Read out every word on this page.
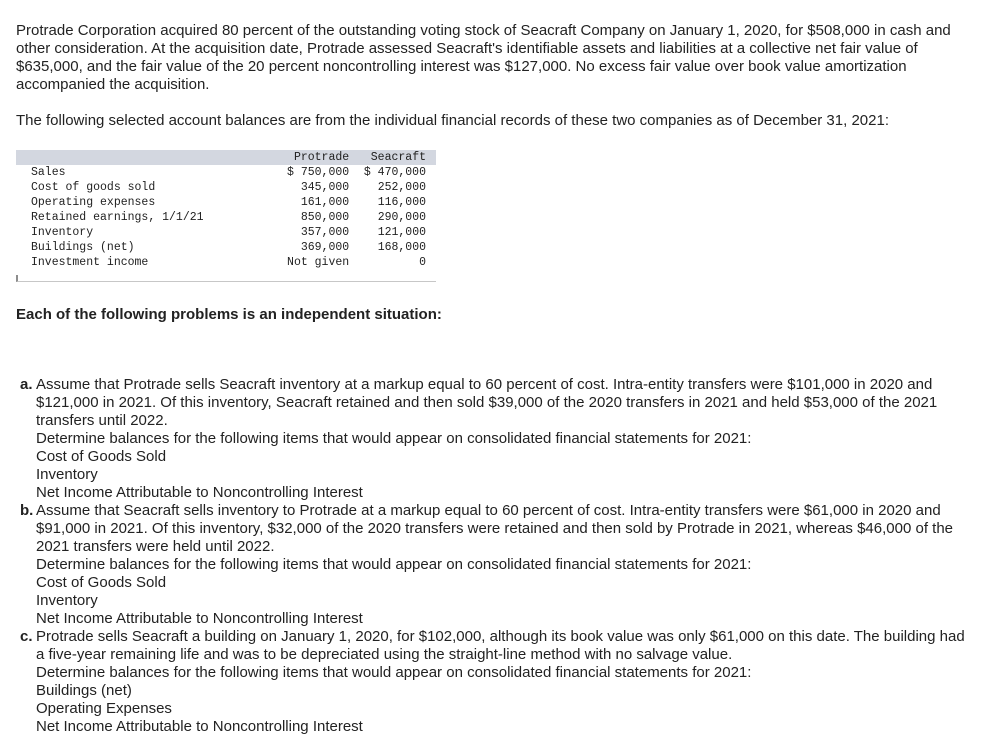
Protrade Corporation acquired 80 percent of the outstanding voting stock of Seacraft Company on January 1, 2020, for $508,000 in cash and other consideration. At the acquisition date, Protrade assessed Seacraft's identifiable assets and liabilities at a collective net fair value of $635,000, and the fair value of the 20 percent noncontrolling interest was $127,000. No excess fair value over book value amortization accompanied the acquisition.

The following selected account balances are from the individual financial records of these two companies as of December 31, 2021:

	Protrade	Seacraft
Sales	$ 750,000	$ 470,000
Cost of goods sold	345,000	252,000
Operating expenses	161,000	116,000
Retained earnings, 1/1/21	850,000	290,000
Inventory	357,000	121,000
Buildings (net)	369,000	168,000
Investment income	Not given	0

Each of the following problems is an independent situation:

a. Assume that Protrade sells Seacraft inventory at a markup equal to 60 percent of cost. Intra-entity transfers were $101,000 in 2020 and $121,000 in 2021. Of this inventory, Seacraft retained and then sold $39,000 of the 2020 transfers in 2021 and held $53,000 of the 2021 transfers until 2022.

Determine balances for the following items that would appear on consolidated financial statements for 2021:

Cost of Goods Sold

Inventory

Net Income Attributable to Noncontrolling Interest

b. Assume that Seacraft sells inventory to Protrade at a markup equal to 60 percent of cost. Intra-entity transfers were $61,000 in 2020 and $91,000 in 2021. Of this inventory, $32,000 of the 2020 transfers were retained and then sold by Protrade in 2021, whereas $46,000 of the 2021 transfers were held until 2022.

Determine balances for the following items that would appear on consolidated financial statements for 2021:

Cost of Goods Sold

Inventory

Net Income Attributable to Noncontrolling Interest

c. Protrade sells Seacraft a building on January 1, 2020, for $102,000, although its book value was only $61,000 on this date. The building had a five-year remaining life and was to be depreciated using the straight-line method with no salvage value.

Determine balances for the following items that would appear on consolidated financial statements for 2021:

Buildings (net)

Operating Expenses

Net Income Attributable to Noncontrolling Interest
